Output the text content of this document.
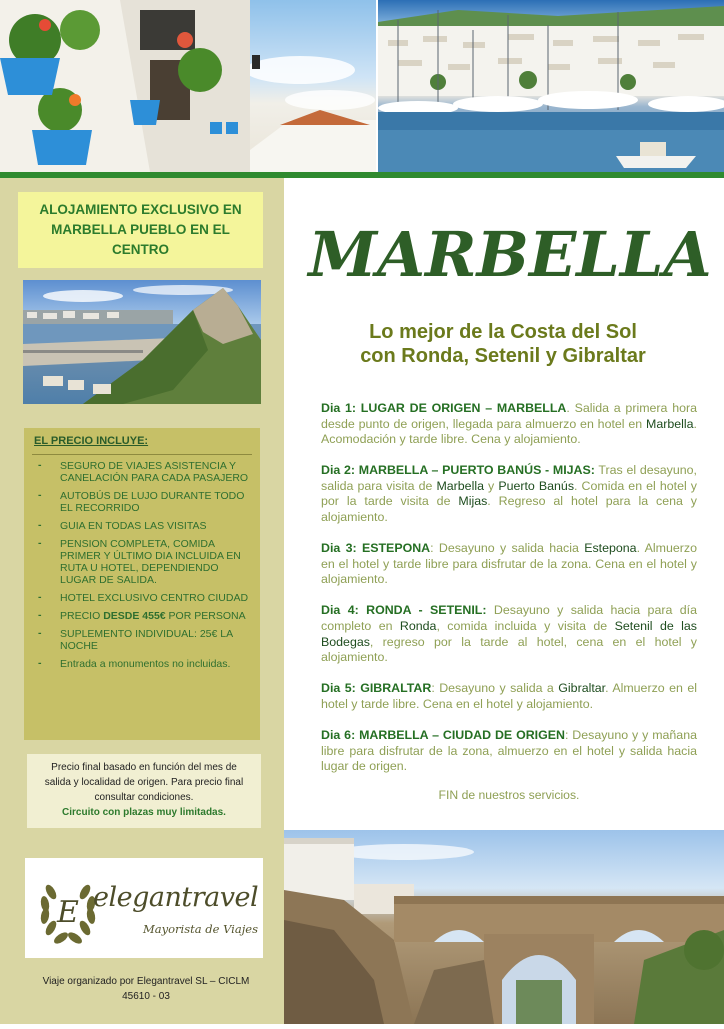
ALOJAMIENTO EXCLUSIVO EN MARBELLA PUEBLO EN EL CENTRO
EL PRECIO INCLUYE:
- SEGURO DE VIAJES ASISTENCIA Y CANELACIÓN PARA CADA PASAJERO
- AUTOBÚS DE LUJO DURANTE TODO EL RECORRIDO
- GUIA EN TODAS LAS VISITAS
- PENSION COMPLETA, COMIDA PRIMER Y ÚLTIMO DIA INCLUIDA EN RUTA U HOTEL, DEPENDIENDO LUGAR DE SALIDA.
- HOTEL EXCLUSIVO CENTRO CIUDAD
- PRECIO DESDE 455€ POR PERSONA
- SUPLEMENTO INDIVIDUAL: 25€ LA NOCHE
- Entrada a monumentos no incluidas.
Precio final basado en función del mes de salida y localidad de origen. Para precio final consultar condiciones.
Circuito con plazas muy limitadas.
E elegantravel
Mayorista de Viajes
Viaje organizado por Elegantravel SL – CICLM 45610 - 03
MARBELLA
Lo mejor de la Costa del Sol
con Ronda, Setenil y Gibraltar

Dia 1: LUGAR DE ORIGEN – MARBELLA. Salida a primera hora desde punto de origen, llegada para almuerzo en hotel en Marbella. Acomodación y tarde libre. Cena y alojamiento.

Dia 2: MARBELLA – PUERTO BANÚS - MIJAS: Tras el desayuno, salida para visita de Marbella y Puerto Banús. Comida en el hotel y por la tarde visita de Mijas. Regreso al hotel para la cena y alojamiento.

Dia 3: ESTEPONA: Desayuno y salida hacia Estepona. Almuerzo en el hotel y tarde libre para disfrutar de la zona. Cena en el hotel y alojamiento.

Dia 4: RONDA - SETENIL: Desayuno y salida hacia para día completo en Ronda, comida incluida y visita de Setenil de las Bodegas, regreso por la tarde al hotel, cena en el hotel y alojamiento.

Dia 5: GIBRALTAR: Desayuno y salida a Gibraltar. Almuerzo en el hotel y tarde libre. Cena en el hotel y alojamiento.

Dia 6: MARBELLA – CIUDAD DE ORIGEN: Desayuno y y mañana libre para disfrutar de la zona, almuerzo en el hotel y salida hacia lugar de origen.

FIN de nuestros servicios.
